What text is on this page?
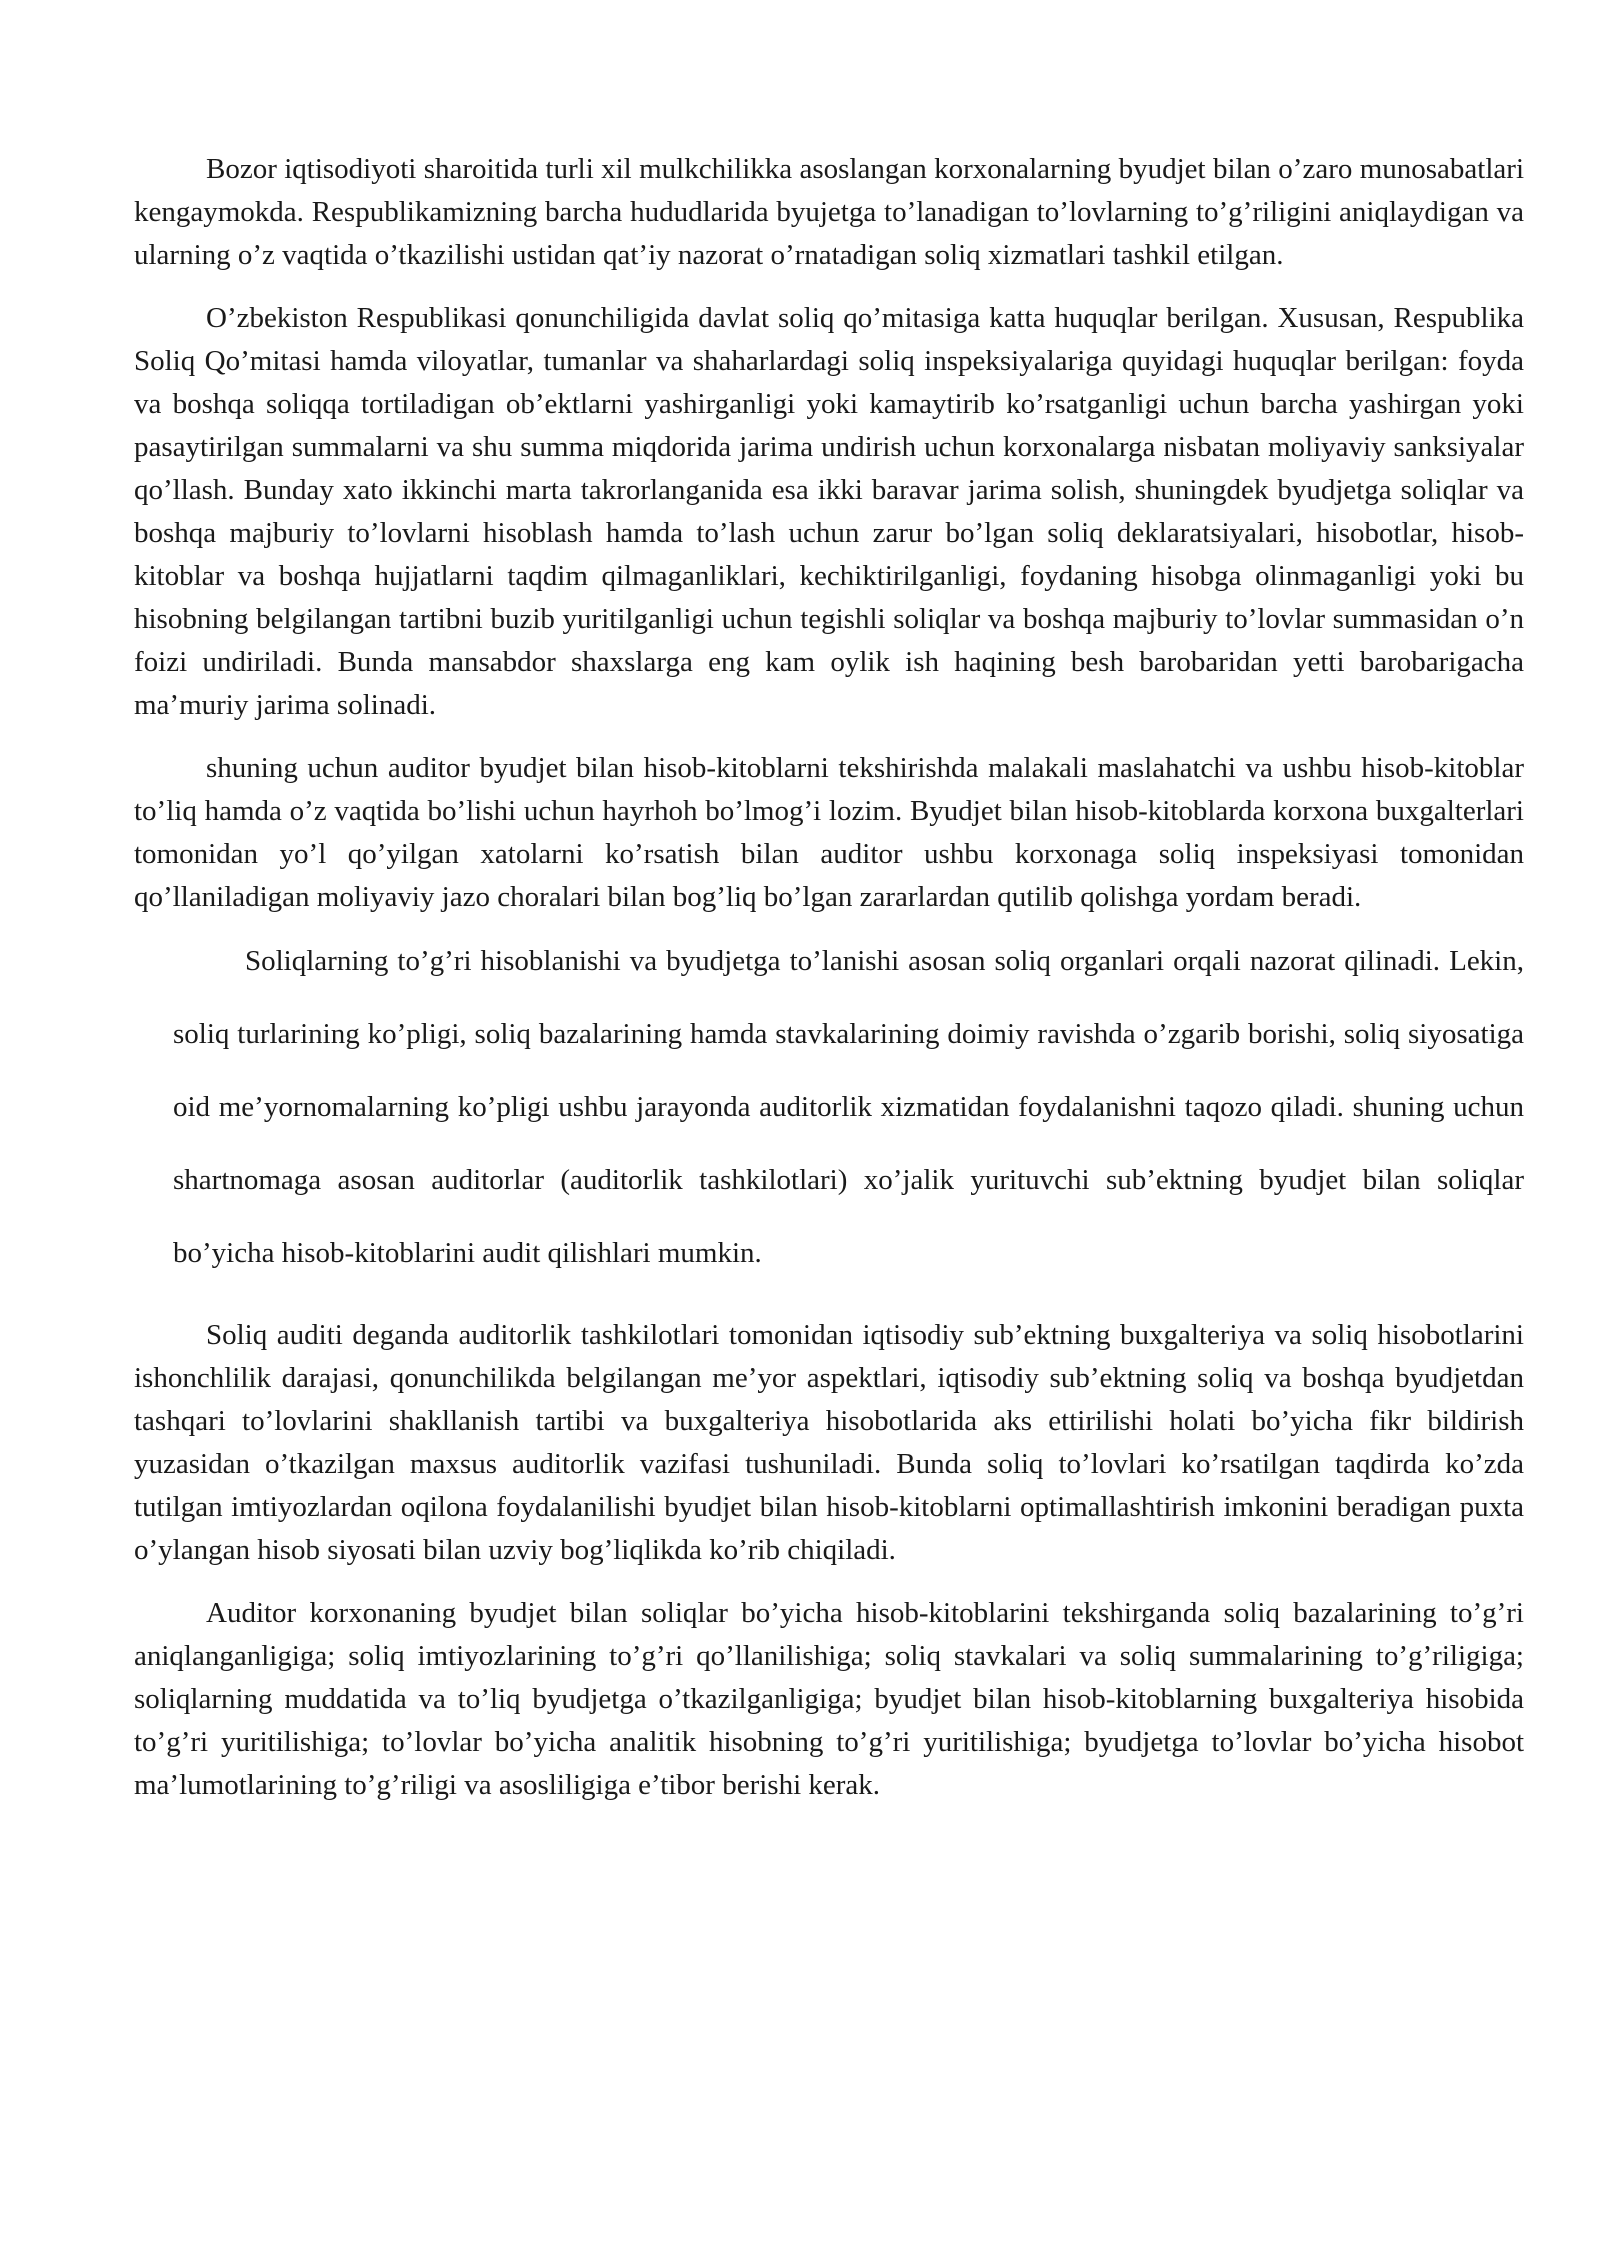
Bozor iqtisodiyoti sharoitida turli xil mulkchilikka asoslangan korxonalarning byudjet bilan o’zaro munosabatlari kengaymokda. Respublikamizning barcha hududlarida byujetga to’lanadigan to’lovlarning to’g’riligini aniqlaydigan va ularning o’z vaqtida o’tkazilishi ustidan qat’iy nazorat o’rnatadigan soliq xizmatlari tashkil etilgan.

O’zbekiston Respublikasi qonunchiligida davlat soliq qo’mitasiga katta huquqlar berilgan. Xususan, Respublika Soliq Qo’mitasi hamda viloyatlar, tumanlar va shaharlardagi soliq inspeksiyalariga quyidagi huquqlar berilgan: foyda va boshqa soliqqa tortiladigan ob’ektlarni yashirganligi yoki kamaytirib ko’rsatganligi uchun barcha yashirgan yoki pasaytirilgan summalarni va shu summa miqdorida jarima undirish uchun korxonalarga nisbatan moliyaviy sanksiyalar qo’llash. Bunday xato ikkinchi marta takrorlanganida esa ikki baravar jarima solish, shuningdek byudjetga soliqlar va boshqa majburiy to’lovlarni hisoblash hamda to’lash uchun zarur bo’lgan soliq deklaratsiyalari, hisobotlar, hisob-kitoblar va boshqa hujjatlarni taqdim qilmaganliklari, kechiktirilganligi, foydaning hisobga olinmaganligi yoki bu hisobning belgilangan tartibni buzib yuritilganligi uchun tegishli soliqlar va boshqa majburiy to’lovlar summasidan o’n foizi undiriladi. Bunda mansabdor shaxslarga eng kam oylik ish haqining besh barobaridan yetti barobarigacha ma’muriy jarima solinadi.

shuning uchun auditor byudjet bilan hisob-kitoblarni tekshirishda malakali maslahatchi va ushbu hisob-kitoblar to’liq hamda o’z vaqtida bo’lishi uchun hayrhoh bo’lmog’i lozim. Byudjet bilan hisob-kitoblarda korxona buxgalterlari tomonidan yo’l qo’yilgan xatolarni ko’rsatish bilan auditor ushbu korxonaga soliq inspeksiyasi tomonidan qo’llaniladigan moliyaviy jazo choralari bilan bog’liq bo’lgan zararlardan qutilib qolishga yordam beradi.

Soliqlarning to’g’ri hisoblanishi va byudjetga to’lanishi asosan soliq organlari orqali nazorat qilinadi. Lekin, soliq turlarining ko’pligi, soliq bazalarining hamda stavkalarining doimiy ravishda o’zgarib borishi, soliq siyosatiga oid me’yornomalarning ko’pligi ushbu jarayonda auditorlik xizmatidan foydalanishni taqozo qiladi. shuning uchun shartnomaga asosan auditorlar (auditorlik tashkilotlari) xo’jalik yurituvchi sub’ektning byudjet bilan soliqlar bo’yicha hisob-kitoblarini audit qilishlari mumkin.

Soliq auditi deganda auditorlik tashkilotlari tomonidan iqtisodiy sub’ektning buxgalteriya va soliq hisobotlarini ishonchlilik darajasi, qonunchilikda belgilangan me’yor aspektlari, iqtisodiy sub’ektning soliq va boshqa byudjetdan tashqari to’lovlarini shakllanish tartibi va buxgalteriya hisobotlarida aks ettirilishi holati bo’yicha fikr bildirish yuzasidan o’tkazilgan maxsus auditorlik vazifasi tushuniladi. Bunda soliq to’lovlari ko’rsatilgan taqdirda ko’zda tutilgan imtiyozlardan oqilona foydalanilishi byudjet bilan hisob-kitoblarni optimallashtirish imkonini beradigan puxta o’ylangan hisob siyosati bilan uzviy bog’liqlikda ko’rib chiqiladi.

Auditor korxonaning byudjet bilan soliqlar bo’yicha hisob-kitoblarini tekshirganda soliq bazalarining to’g’ri aniqlanganligiga; soliq imtiyozlarining to’g’ri qo’llanilishiga; soliq stavkalari va soliq summalarining to’g’riligiga; soliqlarning muddatida va to’liq byudjetga o’tkazilganligiga; byudjet bilan hisob-kitoblarning buxgalteriya hisobida to’g’ri yuritilishiga; to’lovlar bo’yicha analitik hisobning to’g’ri yuritilishiga; byudjetga to’lovlar bo’yicha hisobot ma’lumotlarining to’g’riligi va asosliligiga e’tibor berishi kerak.
